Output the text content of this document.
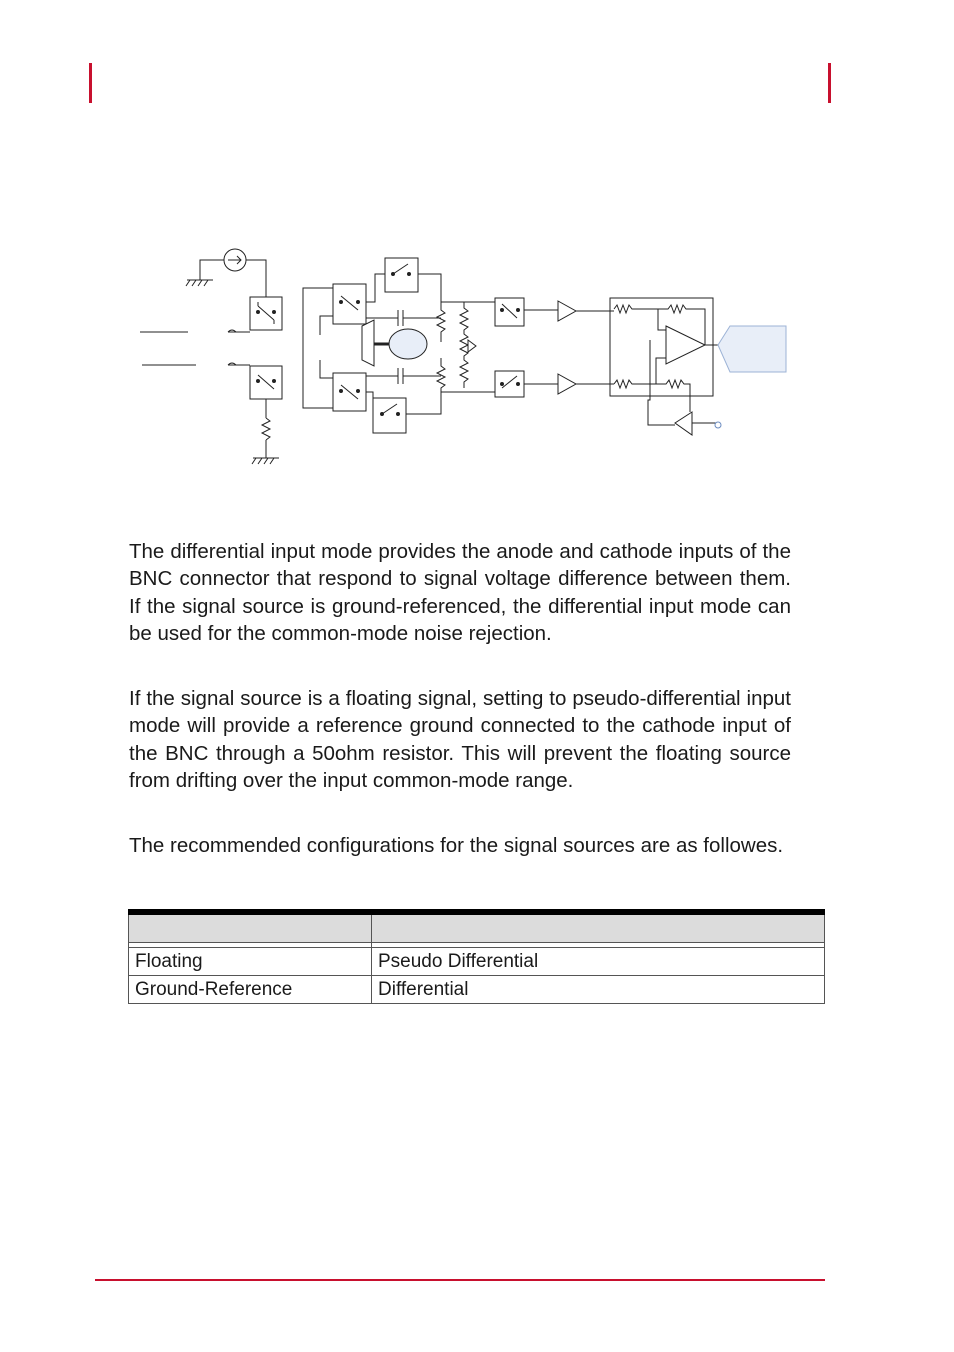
The differential input mode provides the anode and cathode inputs of the BNC connector that respond to signal voltage difference between them. If the signal source is ground-referenced, the differential input mode can be used for the common-mode noise rejection.

If the signal source is a floating signal, setting to pseudo-differential input mode will provide a reference ground connected to the cathode input of the BNC through a 50ohm resistor. This will prevent the floating source from drifting over the input common-mode range.

The recommended configurations for the signal sources are as followes.

Floating	Pseudo Differential
Ground-Reference	Differential
